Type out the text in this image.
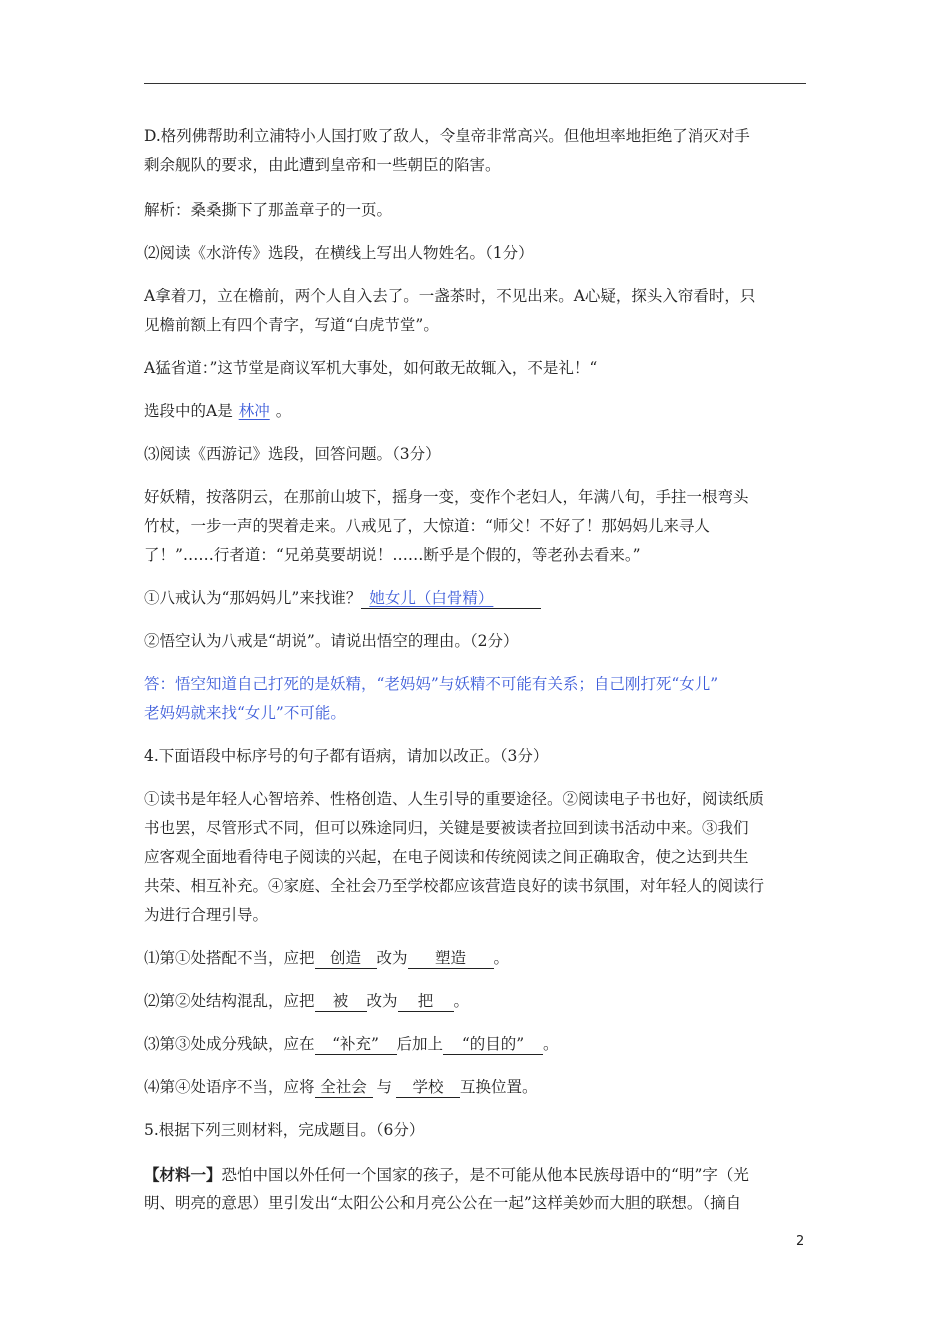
D.格列佛帮助利立浦特小人国打败了敌人，令皇帝非常高兴。但他坦率地拒绝了消灭对手
剩余舰队的要求，由此遭到皇帝和一些朝臣的陷害。
解析：桑桑撕下了那盖章子的一页。
⑵阅读《水浒传》选段，在横线上写出人物姓名。（1分）
A拿着刀，立在檐前，两个人自入去了。一盏茶时，不见出来。A心疑，探头入帘看时，只
见檐前额上有四个青字，写道“白虎节堂”。
A猛省道：”这节堂是商议军机大事处，如何敢无故辄入，不是礼！“
选段中的A是 林冲 。
⑶阅读《西游记》选段，回答问题。（3分）
好妖精，按落阴云，在那前山坡下，摇身一变，变作个老妇人，年满八旬，手拄一根弯头
竹杖，一步一声的哭着走来。八戒见了，大惊道：“师父！不好了！那妈妈儿来寻人
了！”……行者道：“兄弟莫要胡说！……断乎是个假的，等老孙去看来。”
①八戒认为“那妈妈儿”来找谁？ 她女儿（白骨精）
②悟空认为八戒是“胡说”。请说出悟空的理由。（2分）
答：悟空知道自己打死的是妖精，“老妈妈”与妖精不可能有关系；自己刚打死“女儿”
老妈妈就来找“女儿”不可能。
4.下面语段中标序号的句子都有语病，请加以改正。（3分）
①读书是年轻人心智培养、性格创造、人生引导的重要途径。②阅读电子书也好，阅读纸质
书也罢，尽管形式不同，但可以殊途同归，关键是要被读者拉回到读书活动中来。③我们
应客观全面地看待电子阅读的兴起，在电子阅读和传统阅读之间正确取舍，使之达到共生
共荣、相互补充。④家庭、全社会乃至学校都应该营造良好的读书氛围，对年轻人的阅读行
为进行合理引导。
⑴第①处搭配不当，应把 创造 改为 塑造 。
⑵第②处结构混乱，应把 被 改为 把 。
⑶第③处成分残缺，应在 “补充” 后加上 “的目的” 。
⑷第④处语序不当，应将 全社会 与 学校 互换位置。
5.根据下列三则材料，完成题目。（6分）
【材料一】恐怕中国以外任何一个国家的孩子，是不可能从他本民族母语中的“明”字（光
明、明亮的意思）里引发出“太阳公公和月亮公公在一起”这样美妙而大胆的联想。（摘自
2
